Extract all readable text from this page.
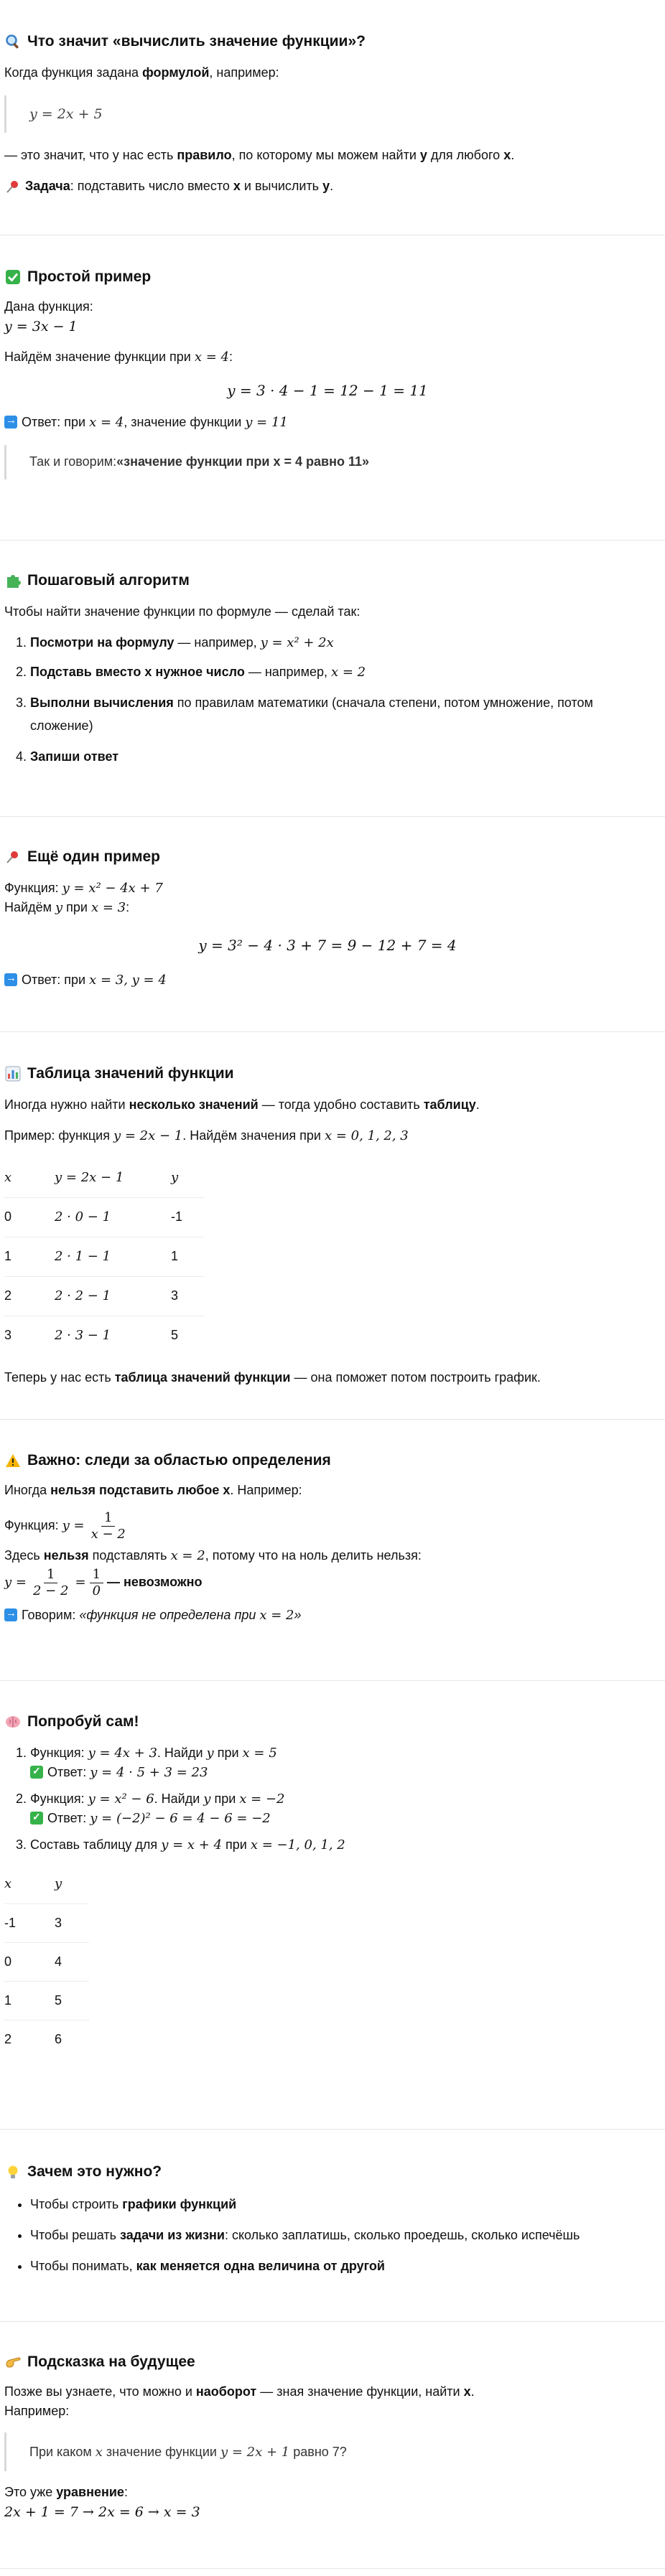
Что значит «вычислить значение функции»?

Когда функция задана формулой, например:

y = 2x + 5

— это значит, что у нас есть правило, по которому мы можем найти y для любого x.

Задача: подставить число вместо x и вычислить y.

Простой пример

Дана функция:

y = 3x − 1

Найдём значение функции при x = 4:

y = 3 · 4 − 1 = 12 − 1 = 11

→Ответ: при x = 4, значение функции y = 11

Так и говорим: «значение функции при x = 4 равно 11»
Пошаговый алгоритм

Чтобы найти значение функции по формуле — сделай так:

1. Посмотри на формулу — например, y = x² + 2x
2. Подставь вместо x нужное число — например, x = 2
3. Выполни вычисления по правилам математики (сначала степени, потом умножение, потом сложение)
4. Запиши ответ
Ещё один пример

Функция: y = x² − 4x + 7

Найдём y при x = 3:

y = 3² − 4 · 3 + 7 = 9 − 12 + 7 = 4

→Ответ: при x = 3, y = 4

Таблица значений функции

Иногда нужно найти несколько значений — тогда удобно составить таблицу.

Пример: функция y = 2x − 1. Найдём значения при x = 0, 1, 2, 3

x	y = 2x − 1	y
0	2 · 0 − 1	-1
1	2 · 1 − 1	1
2	2 · 2 − 1	3
3	2 · 3 − 1	5

Теперь у нас есть таблица значений функции — она поможет потом построить график.

Важно: следи за областью определения

Иногда нельзя подставить любое x. Например:

Функция: $y = \frac{1}{x - 2}$

Здесь нельзя подставлять x = 2, потому что на ноль делить нельзя:

$y = \frac{1}{2 - 2} = \frac{1}{0}$ — невозможно

→Говорим: «функция не определена при x = 2»

Попробуй сам!
1. Функция: y = 4x + 3. Найди y при x = 5
✓Ответ: y = 4 · 5 + 3 = 23
2. Функция: y = x² − 6. Найди y при x = −2
✓Ответ: y = (−2)² − 6 = 4 − 6 = −2
3. Составь таблицу для y = x + 4 при x = −1, 0, 1, 2
x	y
-1	3
0	4
1	5
2	6
Зачем это нужно?
• Чтобы строить графики функций
• Чтобы решать задачи из жизни: сколько заплатишь, сколько проедешь, сколько испечёшь
• Чтобы понимать, как меняется одна величина от другой
Подсказка на будущее

Позже вы узнаете, что можно и наоборот — зная значение функции, найти x.

Например:

При каком x значение функции y = 2x + 1 равно 7?

Это уже уравнение:

2x + 1 = 7 → 2x = 6 → x = 3
